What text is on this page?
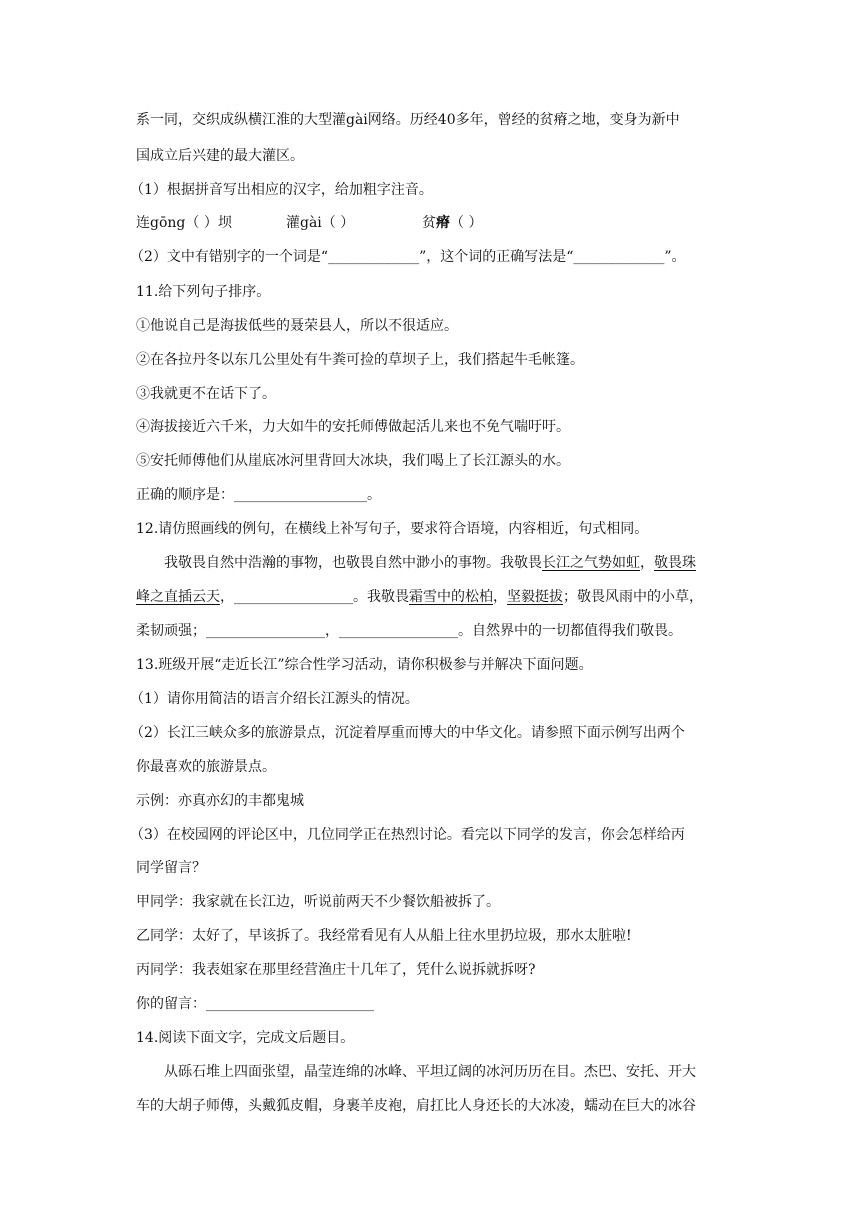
系一同，交织成纵横江淮的大型灌gài网络。历经40多年，曾经的贫瘠之地，变身为新中
国成立后兴建的最大灌区。
（1）根据拼音写出相应的汉字，给加粗字注音。
连gōng（ ）坝	灌gài（ ）	贫瘠（ ）
（2）文中有错别字的一个词是“_____________”，这个词的正确写法是“_____________”。
11.给下列句子排序。
①他说自己是海拔低些的聂荣县人，所以不很适应。
②在各拉丹冬以东几公里处有牛粪可捡的草坝子上，我们搭起牛毛帐篷。
③我就更不在话下了。
④海拔接近六千米，力大如牛的安托师傅做起活儿来也不免气喘吁吁。
⑤安托师傅他们从崖底冰河里背回大冰块，我们喝上了长江源头的水。
正确的顺序是：___________________。
12.请仿照画线的例句，在横线上补写句子，要求符合语境，内容相近，句式相同。
我敬畏自然中浩瀚的事物，也敬畏自然中渺小的事物。我敬畏长江之气势如虹，敬畏珠
峰之直插云天，_________________。我敬畏霜雪中的松柏，坚毅挺拔；敬畏风雨中的小草，
柔韧顽强；_________________，_________________。自然界中的一切都值得我们敬畏。
13.班级开展“走近长江”综合性学习活动，请你积极参与并解决下面问题。
（1）请你用简洁的语言介绍长江源头的情况。
（2）长江三峡众多的旅游景点，沉淀着厚重而博大的中华文化。请参照下面示例写出两个
你最喜欢的旅游景点。
示例：亦真亦幻的丰都鬼城
（3）在校园网的评论区中，几位同学正在热烈讨论。看完以下同学的发言，你会怎样给丙
同学留言？
甲同学：我家就在长江边，听说前两天不少餐饮船被拆了。
乙同学：太好了，早该拆了。我经常看见有人从船上往水里扔垃圾，那水太脏啦!
丙同学：我表姐家在那里经营渔庄十几年了，凭什么说拆就拆呀?
你的留言：________________________
14.阅读下面文字，完成文后题目。
从砾石堆上四面张望，晶莹连绵的冰峰、平坦辽阔的冰河历历在目。杰巴、安托、开大
车的大胡子师傅，头戴狐皮帽，身裹羊皮袍，肩扛比人身还长的大冰凌，蠕动在巨大的冰谷
